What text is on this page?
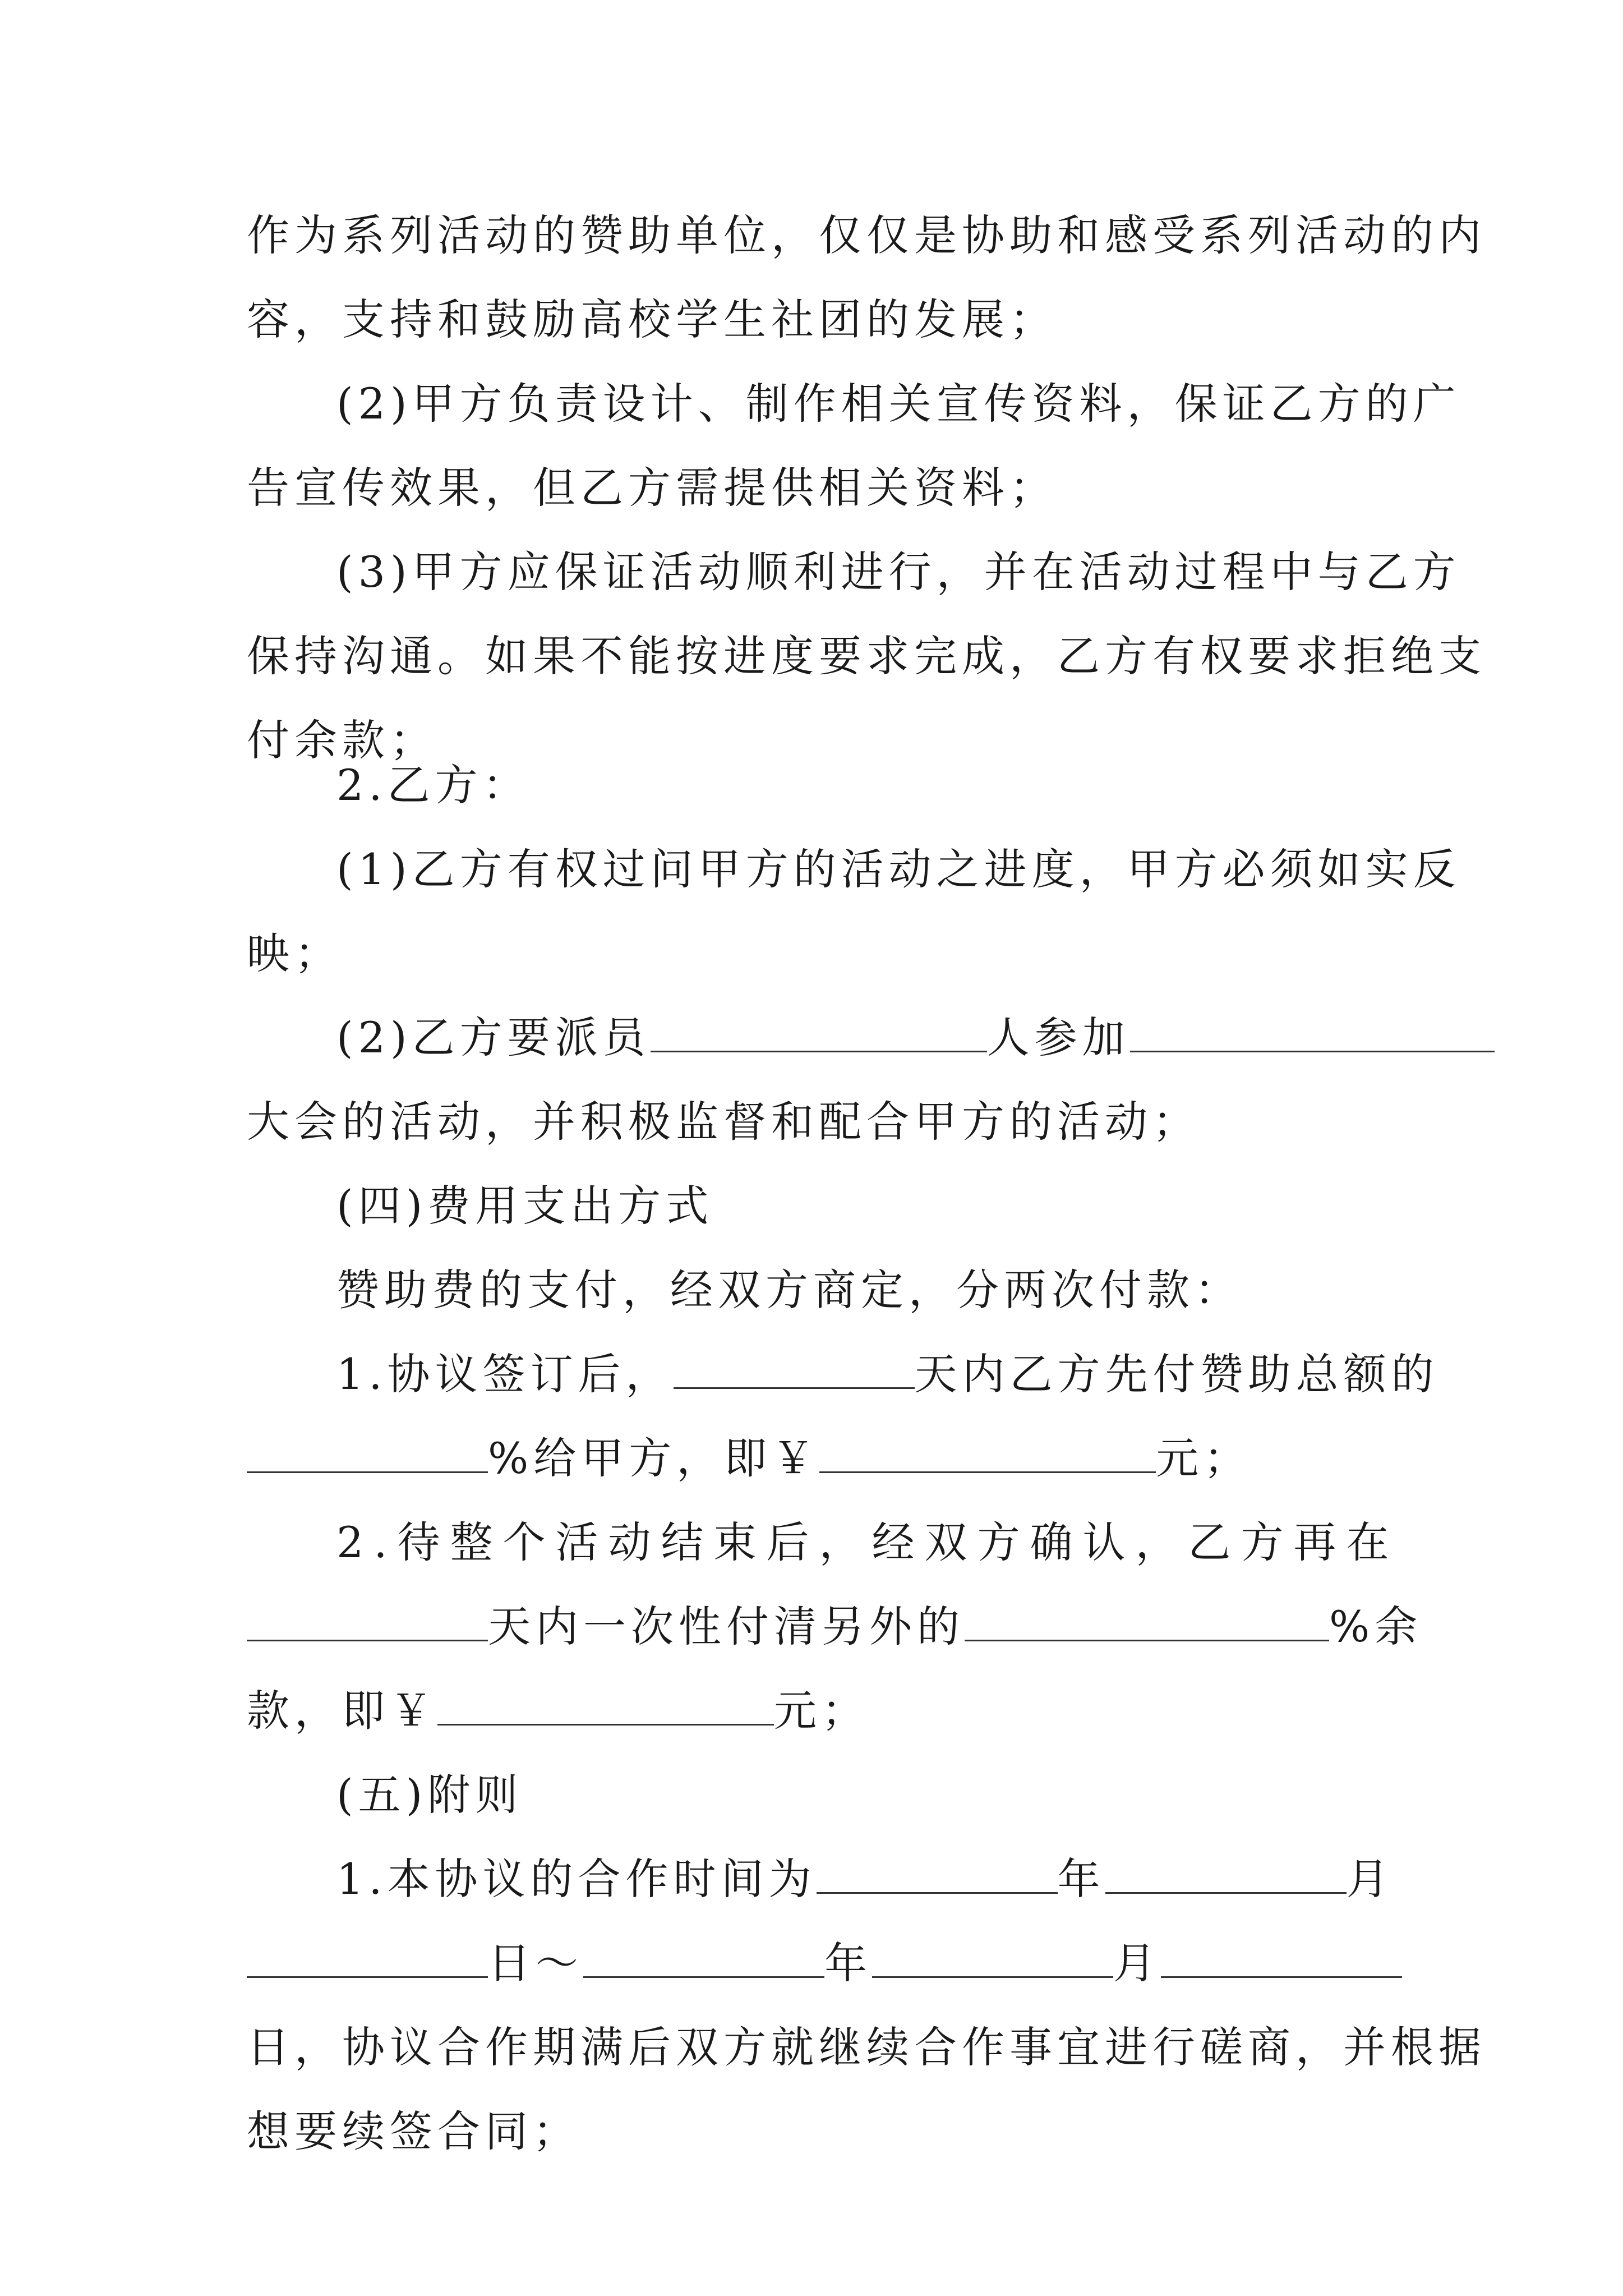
作为系列活动的赞助单位，仅仅是协助和感受系列活动的内
容，支持和鼓励高校学生社团的发展；
(2)甲方负责设计、制作相关宣传资料，保证乙方的广
告宣传效果，但乙方需提供相关资料；
(3)甲方应保证活动顺利进行，并在活动过程中与乙方
保持沟通。如果不能按进度要求完成，乙方有权要求拒绝支
付余款；
2.乙方：
(1)乙方有权过问甲方的活动之进度，甲方必须如实反
映；
(2)乙方要派员	人参加
大会的活动，并积极监督和配合甲方的活动；
(四)费用支出方式
赞助费的支付，经双方商定，分两次付款：
1.协议签订后，	天内乙方先付赞助总额的
%给甲方，即￥	元；
2.待整个活动结束后，经双方确认，乙方再在
天内一次性付清另外的	%余
款，即￥	元；
(五)附则
1.本协议的合作时间为	年	月
日～	年	月
日，协议合作期满后双方就继续合作事宜进行磋商，并根据
想要续签合同；
